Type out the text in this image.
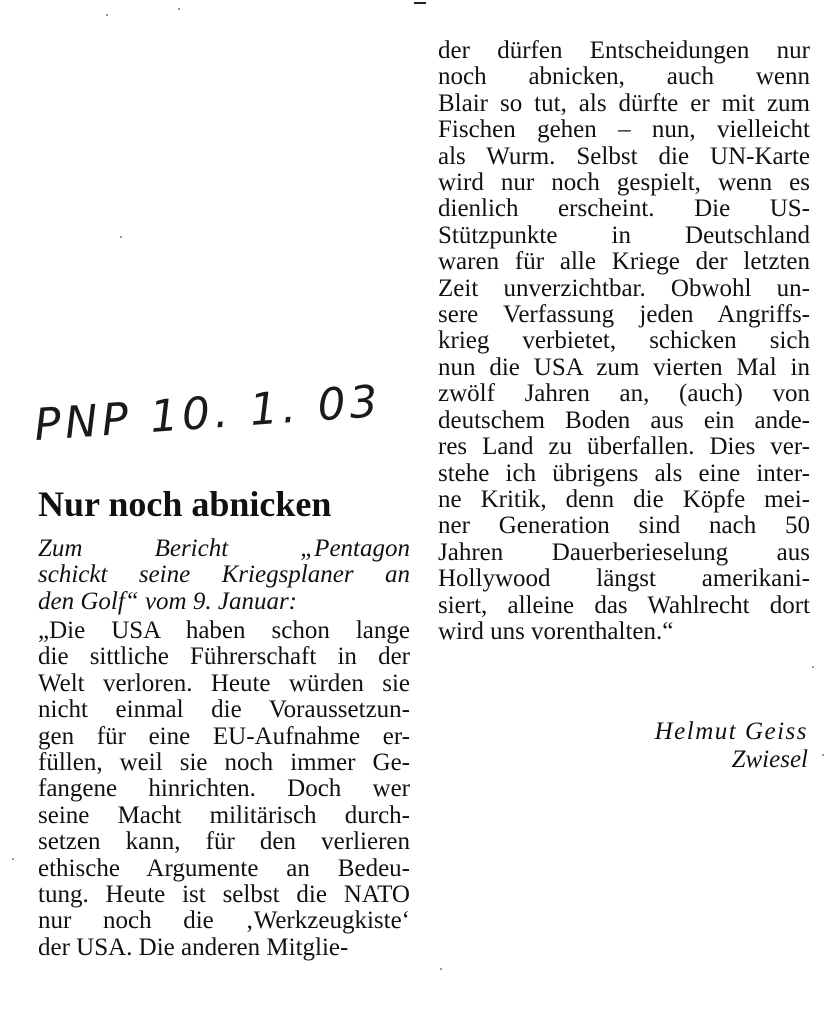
der dürfen Entscheidungen nur
noch abnicken, auch wenn
Blair so tut, als dürfte er mit zum
Fischen gehen – nun, vielleicht
als Wurm. Selbst die UN-Karte
wird nur noch gespielt, wenn es
dienlich erscheint. Die US-
Stützpunkte in Deutschland
waren für alle Kriege der letzten
Zeit unverzichtbar. Obwohl un-
sere Verfassung jeden Angriffs-
krieg verbietet, schicken sich
nun die USA zum vierten Mal in
zwölf Jahren an, (auch) von
deutschem Boden aus ein ande-
res Land zu überfallen. Dies ver-
stehe ich übrigens als eine inter-
ne Kritik, denn die Köpfe mei-
ner Generation sind nach 50
Jahren Dauerberieselung aus
Hollywood längst amerikani-
siert, alleine das Wahlrecht dort
wird uns vorenthalten.“
PNP 10. 1. 03
Nur noch abnicken
Zum Bericht „Pentagon
schickt seine Kriegsplaner an
den Golf“ vom 9. Januar:
„Die USA haben schon lange
die sittliche Führerschaft in der
Welt verloren. Heute würden sie
nicht einmal die Voraussetzun-
gen für eine EU-Aufnahme er-
füllen, weil sie noch immer Ge-
fangene hinrichten. Doch wer
seine Macht militärisch durch-
setzen kann, für den verlieren
ethische Argumente an Bedeu-
tung. Heute ist selbst die NATO
nur noch die ‚Werkzeugkiste‘
der USA. Die anderen Mitglie-
Helmut Geiss
Zwiesel
